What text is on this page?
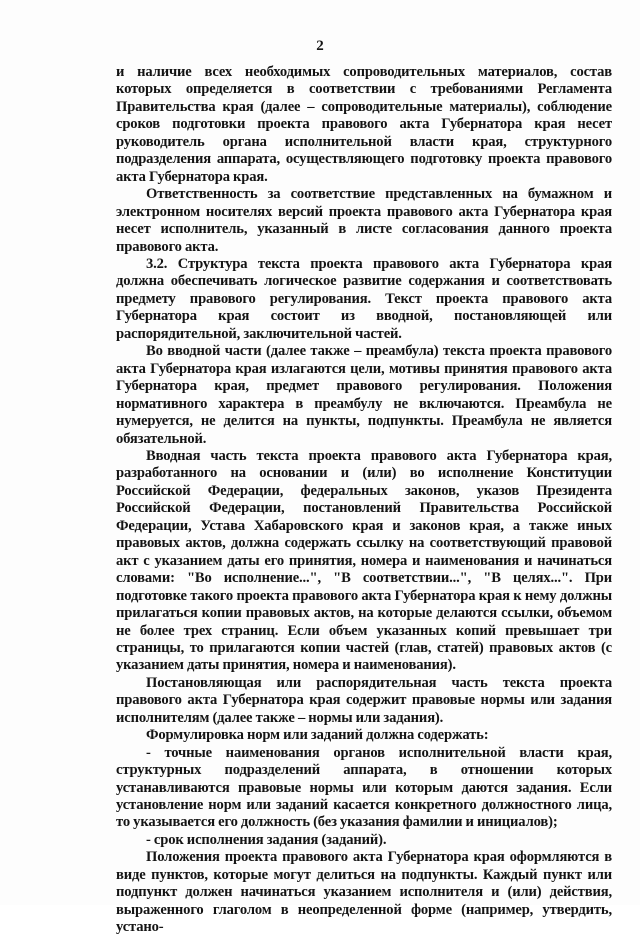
2

и наличие всех необходимых сопроводительных материалов, состав которых определяется в соответствии с требованиями Регламента Правительства края (далее – сопроводительные материалы), соблюдение сроков подготовки проекта правового акта Губернатора края несет руководитель органа исполнительной власти края, структурного подразделения аппарата, осуществляющего подготовку проекта правового акта Губернатора края.

Ответственность за соответствие представленных на бумажном и электронном носителях версий проекта правового акта Губернатора края несет исполнитель, указанный в листе согласования данного проекта правового акта.

3.2. Структура текста проекта правового акта Губернатора края должна обеспечивать логическое развитие содержания и соответствовать предмету правового регулирования. Текст проекта правового акта Губернатора края состоит из вводной, постановляющей или распорядительной, заключительной частей.

Во вводной части (далее также – преамбула) текста проекта правового акта Губернатора края излагаются цели, мотивы принятия правового акта Губернатора края, предмет правового регулирования. Положения нормативного характера в преамбулу не включаются. Преамбула не нумеруется, не делится на пункты, подпункты. Преамбула не является обязательной.

Вводная часть текста проекта правового акта Губернатора края, разработанного на основании и (или) во исполнение Конституции Российской Федерации, федеральных законов, указов Президента Российской Федерации, постановлений Правительства Российской Федерации, Устава Хабаровского края и законов края, а также иных правовых актов, должна содержать ссылку на соответствующий правовой акт с указанием даты его принятия, номера и наименования и начинаться словами: "Во исполнение...", "В соответствии...", "В целях...". При подготовке такого проекта правового акта Губернатора края к нему должны прилагаться копии правовых актов, на которые делаются ссылки, объемом не более трех страниц. Если объем указанных копий превышает три страницы, то прилагаются копии частей (глав, статей) правовых актов (с указанием даты принятия, номера и наименования).

Постановляющая или распорядительная часть текста проекта правового акта Губернатора края содержит правовые нормы или задания исполнителям (далее также – нормы или задания).

Формулировка норм или заданий должна содержать:

- точные наименования органов исполнительной власти края, структурных подразделений аппарата, в отношении которых устанавливаются правовые нормы или которым даются задания. Если установление норм или заданий касается конкретного должностного лица, то указывается его должность (без указания фамилии и инициалов);

- срок исполнения задания (заданий).

Положения проекта правового акта Губернатора края оформляются в виде пунктов, которые могут делиться на подпункты. Каждый пункт или подпункт должен начинаться указанием исполнителя и (или) действия, выраженного глаголом в неопределенной форме (например, утвердить, устано-
